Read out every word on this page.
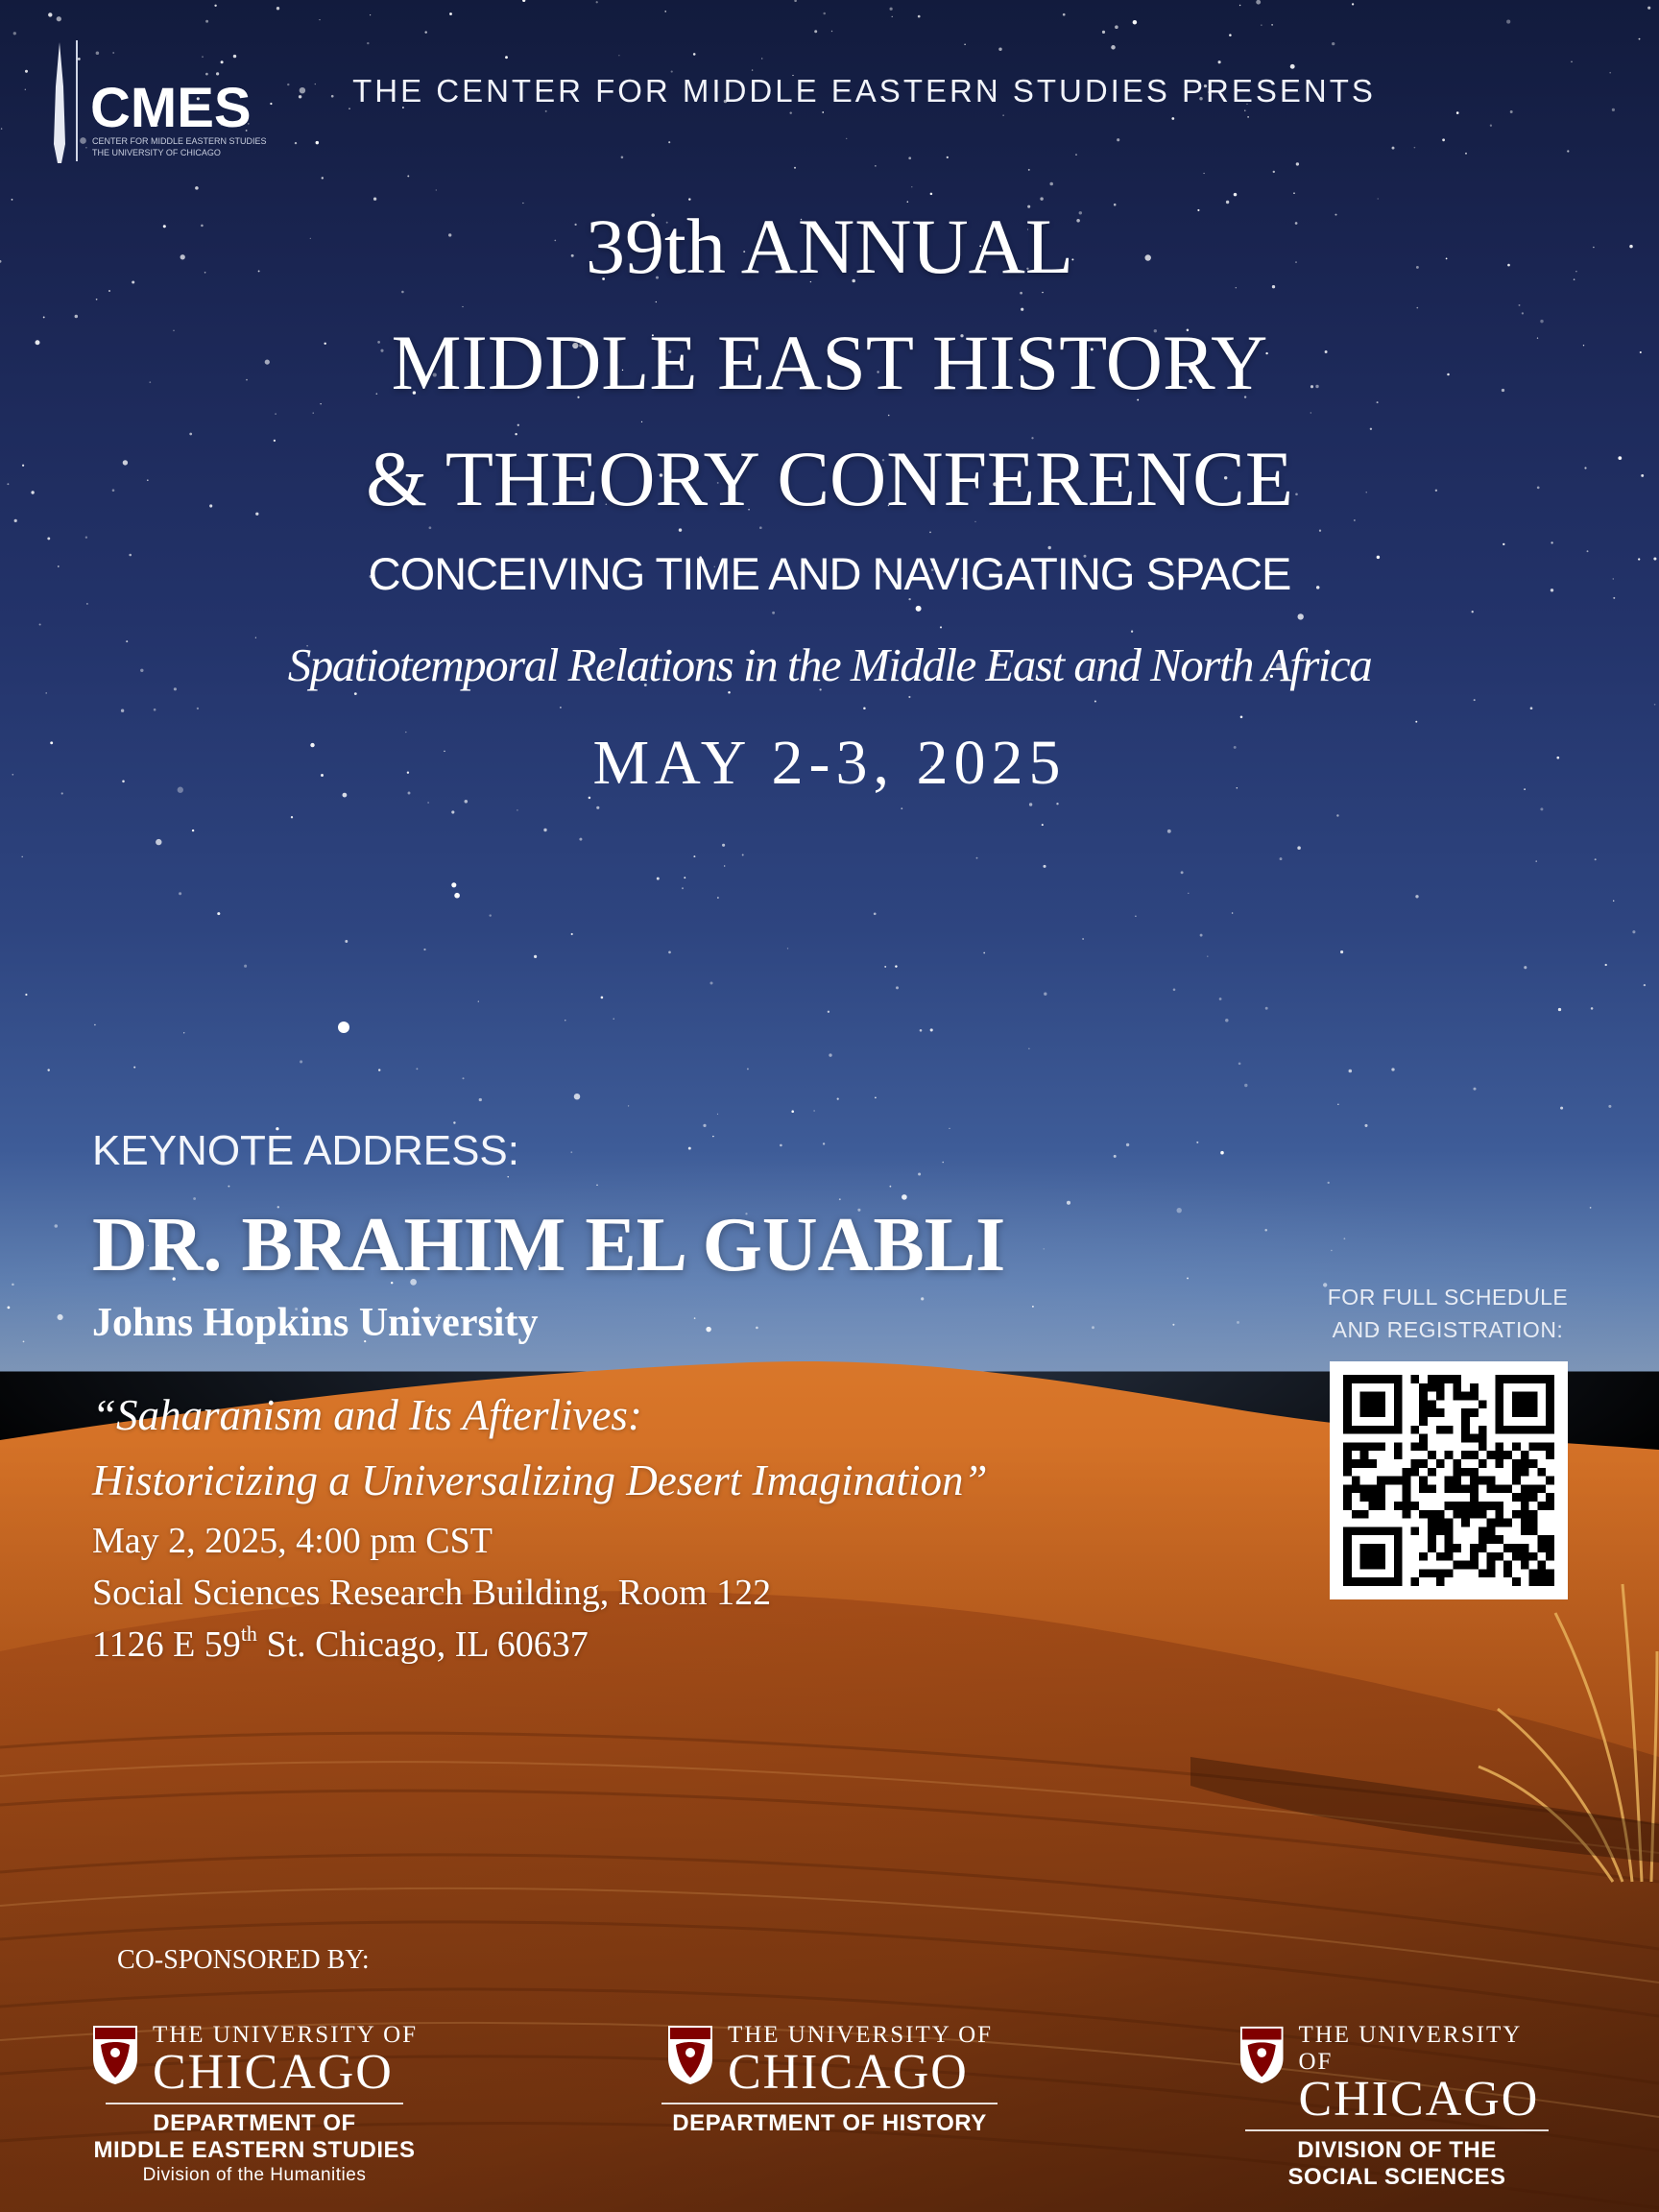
CMES
CENTER FOR MIDDLE EASTERN STUDIES
THE UNIVERSITY OF CHICAGO
THE CENTER FOR MIDDLE EASTERN STUDIES PRESENTS
39th ANNUAL
MIDDLE EAST HISTORY
& THEORY CONFERENCE
CONCEIVING TIME AND NAVIGATING SPACE
Spatiotemporal Relations in the Middle East and North Africa
MAY 2-3, 2025
KEYNOTE ADDRESS:
DR. BRAHIM EL GUABLI
Johns Hopkins University
“Saharanism and Its Afterlives:
Historicizing a Universalizing Desert Imagination”
May 2, 2025, 4:00 pm CST
Social Sciences Research Building, Room 122
1126 E 59th St. Chicago, IL 60637
FOR FULL SCHEDULE
AND REGISTRATION:
CO-SPONSORED BY:
THE UNIVERSITY OF
CHICAGO
DEPARTMENT OF
MIDDLE EASTERN STUDIES
Division of the Humanities
THE UNIVERSITY OF
CHICAGO
DEPARTMENT OF HISTORY
THE UNIVERSITY OF
CHICAGO
DIVISION OF THE
SOCIAL SCIENCES
